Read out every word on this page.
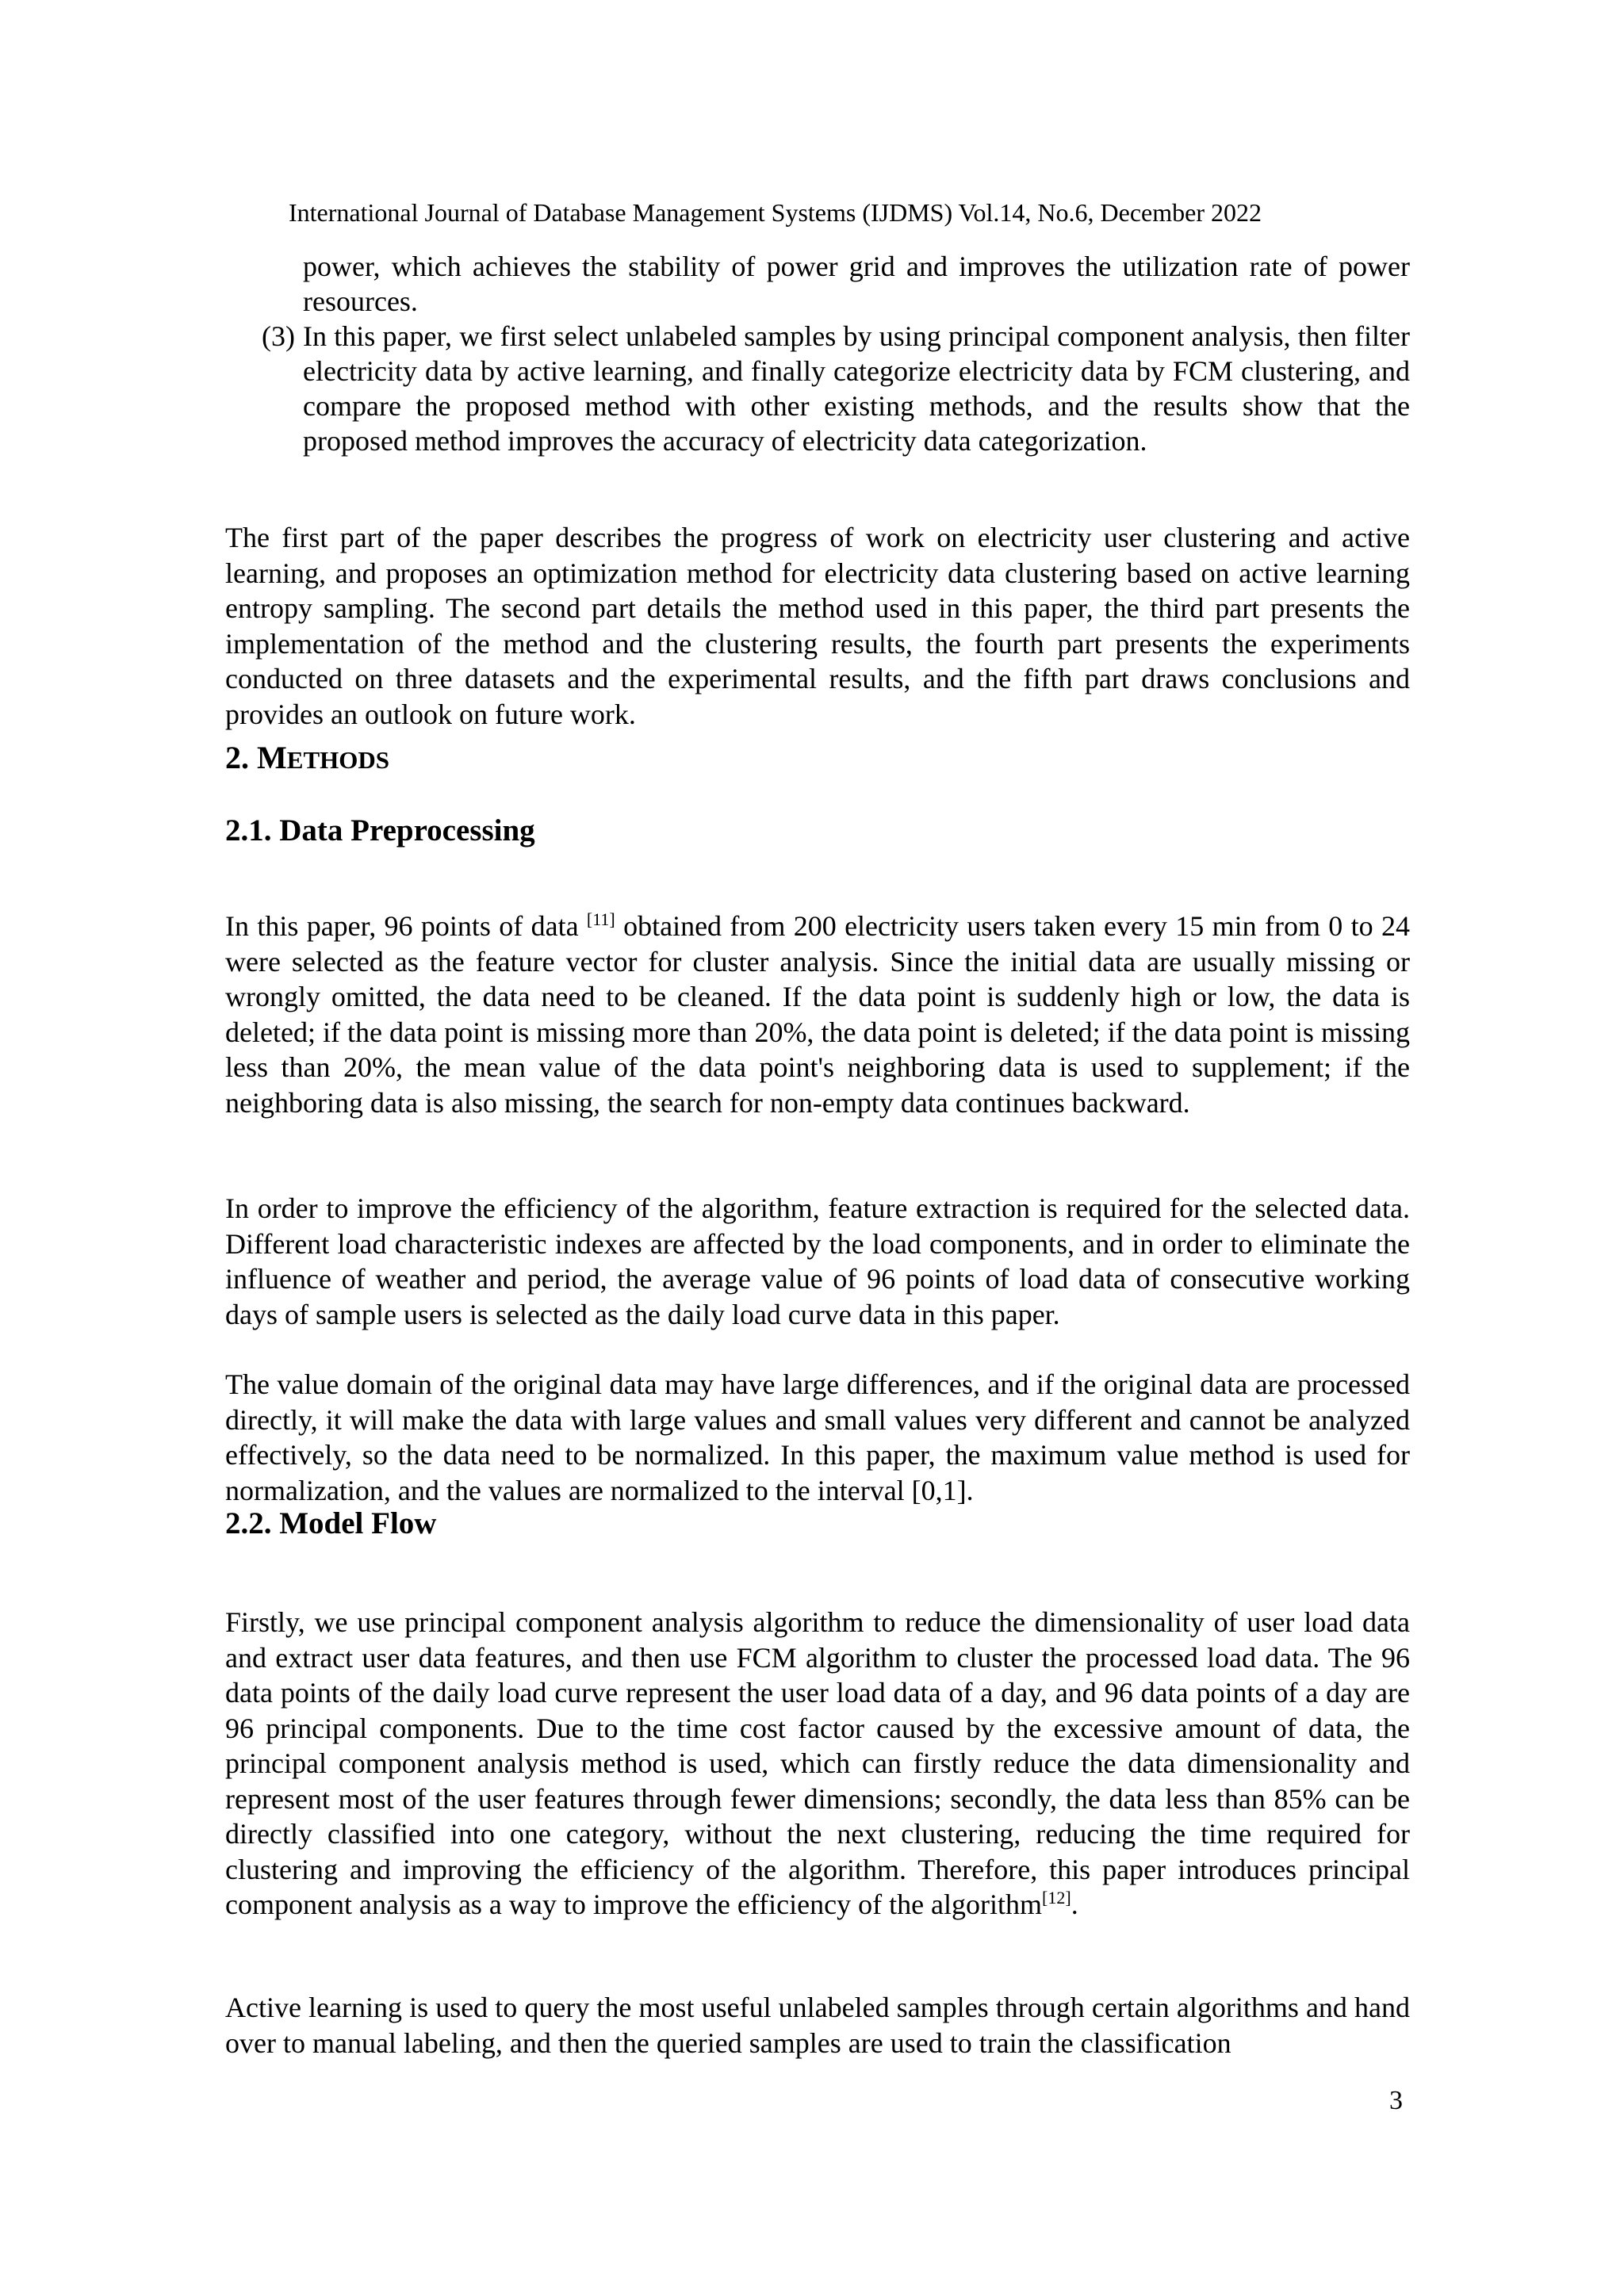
International Journal of Database Management Systems (IJDMS) Vol.14, No.6, December 2022

power, which achieves the stability of power grid and improves the utilization rate of power resources.

(3) In this paper, we first select unlabeled samples by using principal component analysis, then filter electricity data by active learning, and finally categorize electricity data by FCM clustering, and compare the proposed method with other existing methods, and the results show that the proposed method improves the accuracy of electricity data categorization.

The first part of the paper describes the progress of work on electricity user clustering and active learning, and proposes an optimization method for electricity data clustering based on active learning entropy sampling. The second part details the method used in this paper, the third part presents the implementation of the method and the clustering results, the fourth part presents the experiments conducted on three datasets and the experimental results, and the fifth part draws conclusions and provides an outlook on future work.

2. METHODS
2.1. Data Preprocessing

In this paper, 96 points of data [11] obtained from 200 electricity users taken every 15 min from 0 to 24 were selected as the feature vector for cluster analysis. Since the initial data are usually missing or wrongly omitted, the data need to be cleaned. If the data point is suddenly high or low, the data is deleted; if the data point is missing more than 20%, the data point is deleted; if the data point is missing less than 20%, the mean value of the data point's neighboring data is used to supplement; if the neighboring data is also missing, the search for non-empty data continues backward.

In order to improve the efficiency of the algorithm, feature extraction is required for the selected data. Different load characteristic indexes are affected by the load components, and in order to eliminate the influence of weather and period, the average value of 96 points of load data of consecutive working days of sample users is selected as the daily load curve data in this paper.

The value domain of the original data may have large differences, and if the original data are processed directly, it will make the data with large values and small values very different and cannot be analyzed effectively, so the data need to be normalized. In this paper, the maximum value method is used for normalization, and the values are normalized to the interval [0,1].

2.2. Model Flow

Firstly, we use principal component analysis algorithm to reduce the dimensionality of user load data and extract user data features, and then use FCM algorithm to cluster the processed load data. The 96 data points of the daily load curve represent the user load data of a day, and 96 data points of a day are 96 principal components. Due to the time cost factor caused by the excessive amount of data, the principal component analysis method is used, which can firstly reduce the data dimensionality and represent most of the user features through fewer dimensions; secondly, the data less than 85% can be directly classified into one category, without the next clustering, reducing the time required for clustering and improving the efficiency of the algorithm. Therefore, this paper introduces principal component analysis as a way to improve the efficiency of the algorithm[12].

Active learning is used to query the most useful unlabeled samples through certain algorithms and hand over to manual labeling, and then the queried samples are used to train the classification

3
